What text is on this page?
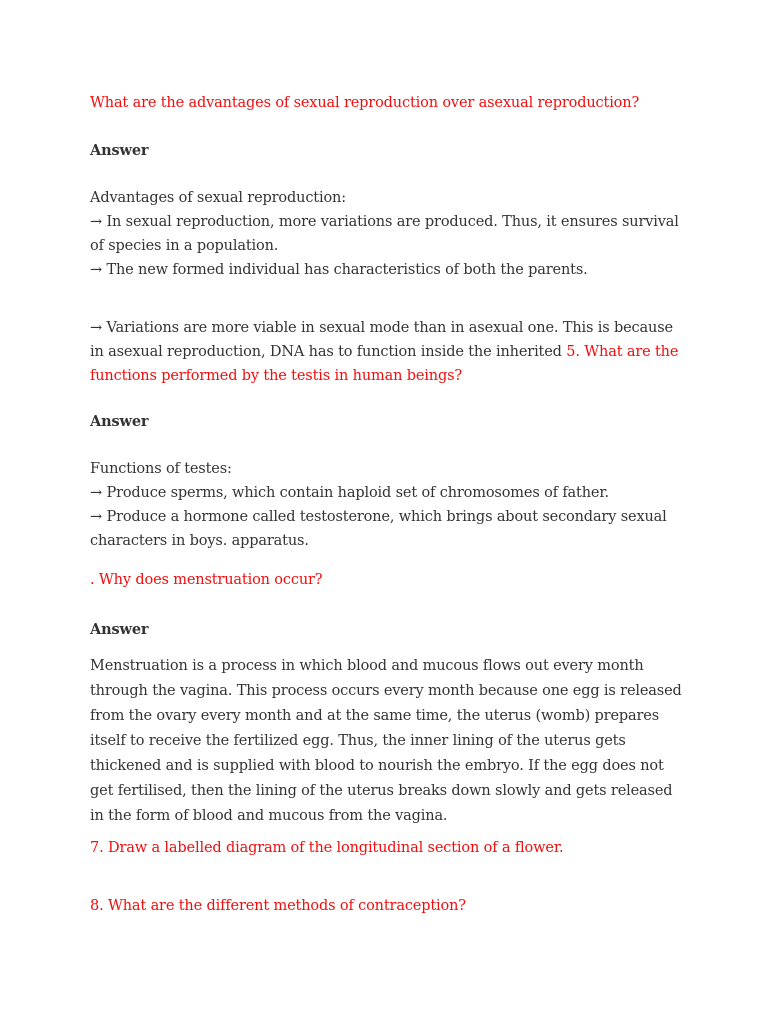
What are the advantages of sexual reproduction over asexual reproduction?
Answer
Advantages of sexual reproduction:
→ In sexual reproduction, more variations are produced. Thus, it ensures survival
of species in a population.
→ The new formed individual has characteristics of both the parents.
→ Variations are more viable in sexual mode than in asexual one. This is because
in asexual reproduction, DNA has to function inside the inherited 5. What are the
functions performed by the testis in human beings?
Answer
Functions of testes:
→ Produce sperms, which contain haploid set of chromosomes of father.
→ Produce a hormone called testosterone, which brings about secondary sexual
characters in boys. apparatus.
. Why does menstruation occur?
Answer
Menstruation is a process in which blood and mucous flows out every month
through the vagina. This process occurs every month because one egg is released
from the ovary every month and at the same time, the uterus (womb) prepares
itself to receive the fertilized egg. Thus, the inner lining of the uterus gets
thickened and is supplied with blood to nourish the embryo. If the egg does not
get fertilised, then the lining of the uterus breaks down slowly and gets released
in the form of blood and mucous from the vagina.
7. Draw a labelled diagram of the longitudinal section of a flower.
8. What are the different methods of contraception?
